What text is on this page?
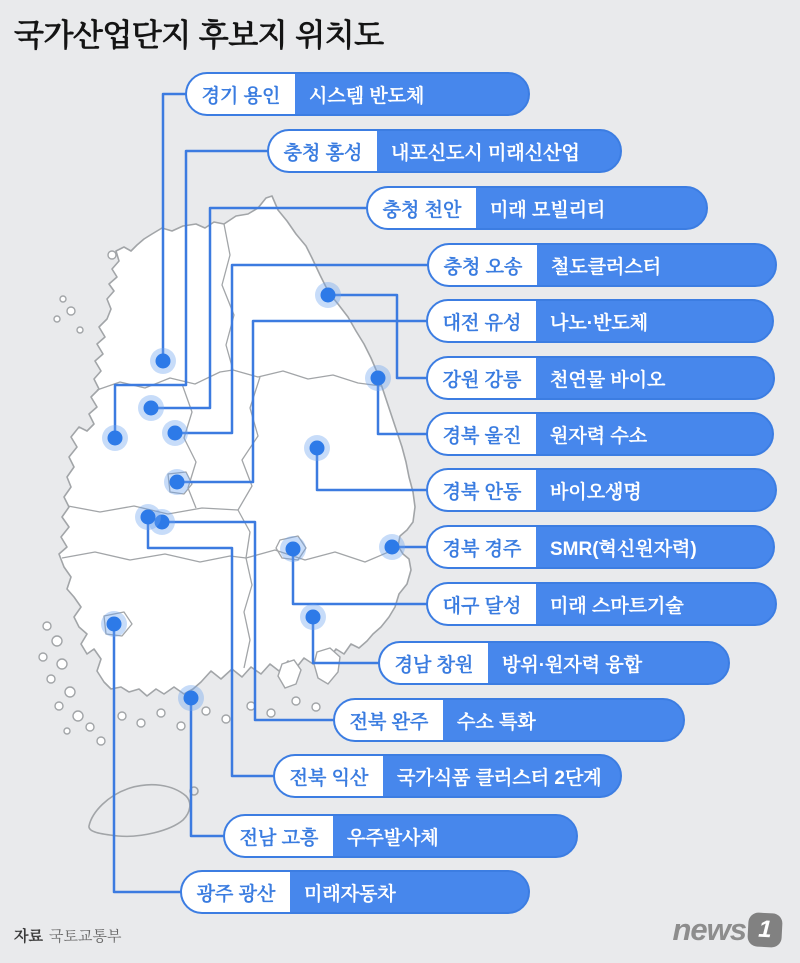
국가산업단지 후보지 위치도
경기 용인	시스템 반도체
충청 홍성	내포신도시 미래신산업
충청 천안	미래 모빌리티
충청 오송	철도클러스터
대전 유성	나노·반도체
강원 강릉	천연물 바이오
경북 울진	원자력 수소
경북 안동	바이오생명
경북 경주	SMR(혁신원자력)
대구 달성	미래 스마트기술
경남 창원	방위·원자력 융합
전북 완주	수소 특화
전북 익산	국가식품 클러스터 2단계
전남 고흥	우주발사체
광주 광산	미래자동차
자료 국토교통부	news 1
